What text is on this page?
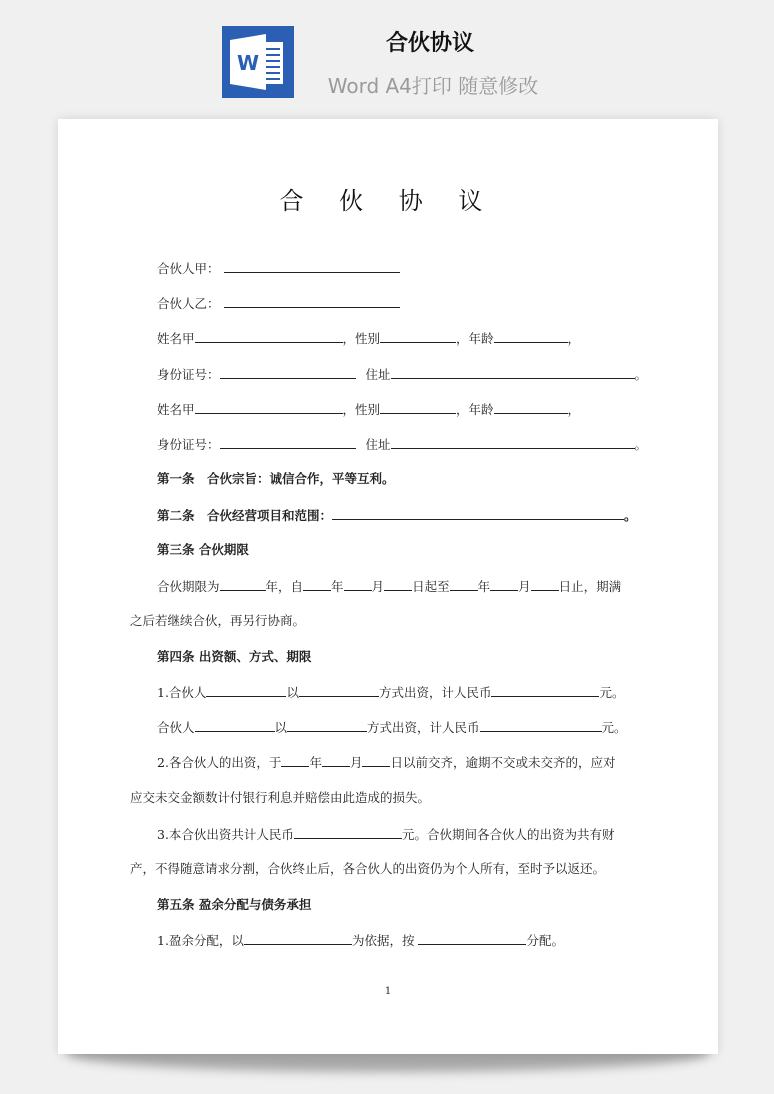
W
合伙协议
Word A4打印 随意修改
合 伙 协 议
合伙人甲：
合伙人乙：
姓名甲	，性别	，年龄	，
身份证号：	住址	。
姓名甲	，性别	，年龄	，
身份证号：	住址	。
第一条　合伙宗旨：诚信合作，平等互利。
第二条　合伙经营项目和范围：	。
第三条 合伙期限
合伙期限为	年，自 年 月 日起至 年 月 日止，期满
之后若继续合伙，再另行协商。
第四条 出资额、方式、期限
1.合伙人	以	方式出资，计人民币	元。
合伙人	以	方式出资，计人民币	元。
2.各合伙人的出资，于 年 月 日以前交齐，逾期不交或未交齐的，应对
应交未交金额数计付银行利息并赔偿由此造成的损失。
3.本合伙出资共计人民币	元。合伙期间各合伙人的出资为共有财
产，不得随意请求分割，合伙终止后，各合伙人的出资仍为个人所有，至时予以返还。
第五条 盈余分配与债务承担
1.盈余分配，以	为依据，按	分配。
1
